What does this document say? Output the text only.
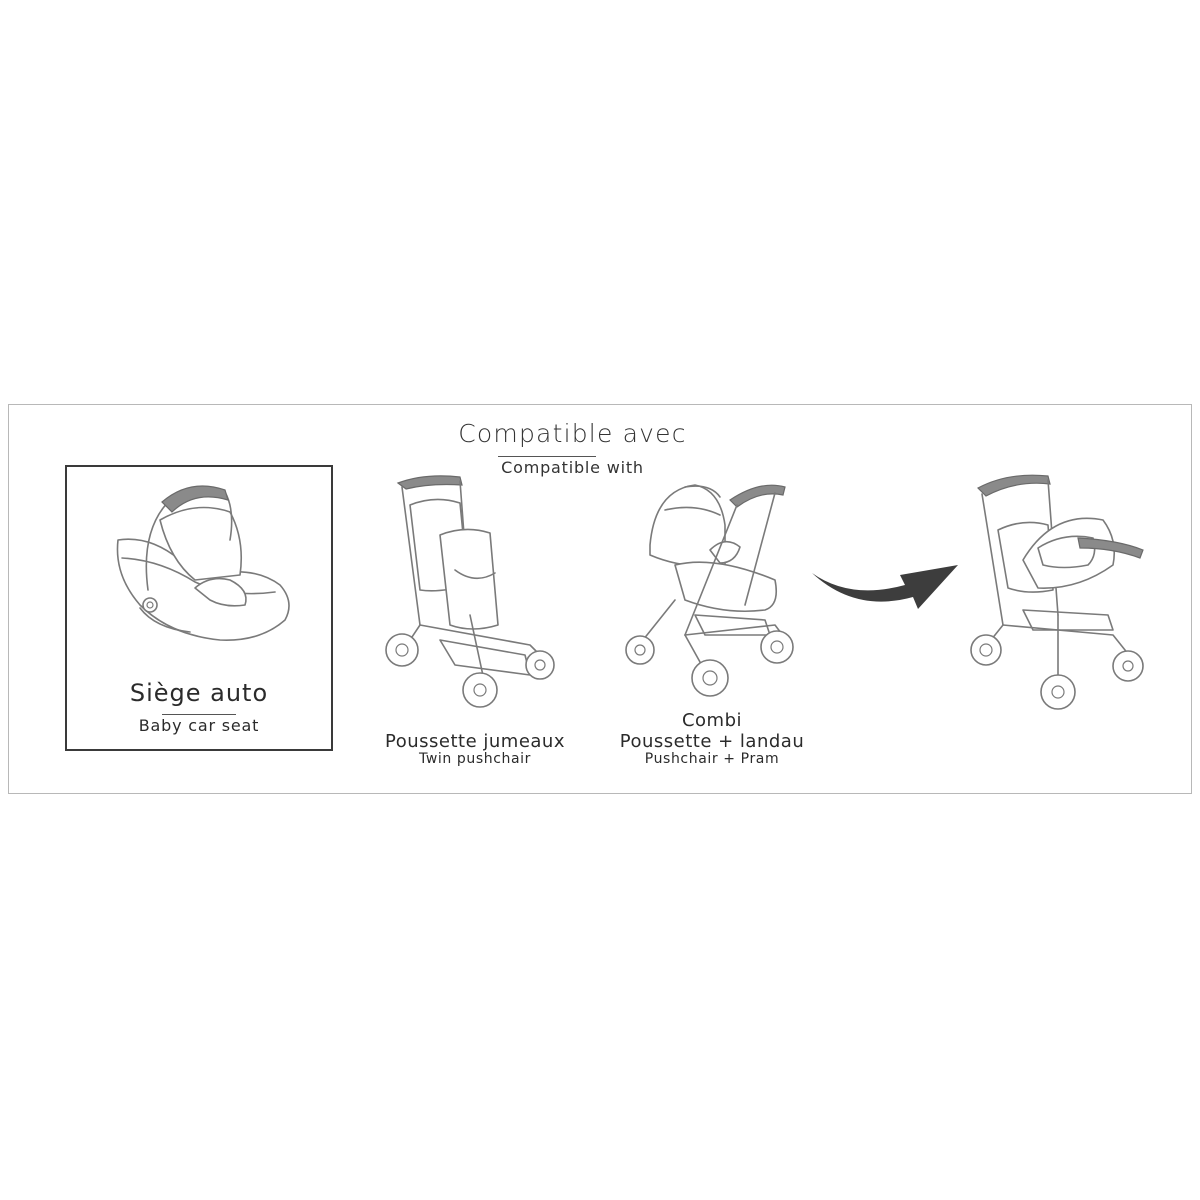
Compatible avec
Compatible with
Siège auto
Baby car seat
Poussette jumeaux
Twin pushchair
Combi
Poussette + landau
Pushchair + Pram
